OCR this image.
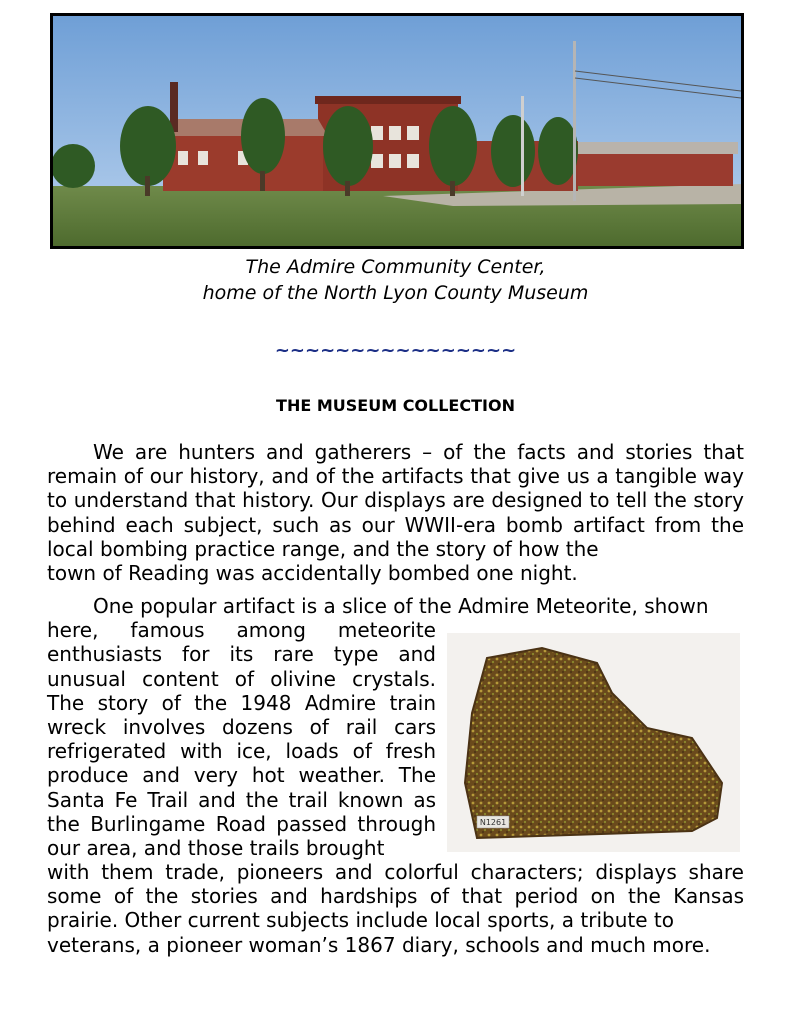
The Admire Community Center,
home of the North Lyon County Museum
~~~~~~~~~~~~~~~~
THE MUSEUM COLLECTION
We are hunters and gatherers – of the facts and stories that remain of our history, and of the artifacts that give us a tangible way to understand that history. Our displays are designed to tell the story behind each subject, such as our WWII-era bomb artifact from the local bombing practice range, and the story of how the
town of Reading was accidentally bombed one night.
One popular artifact is a slice of the Admire Meteorite, shown
here, famous among meteorite enthusiasts for its rare type and unusual content of olivine crystals. The story of the 1948 Admire train wreck involves dozens of rail cars refrigerated with ice, loads of fresh produce and very hot weather. The Santa Fe Trail and the trail known as the Burlingame Road passed through our area, and those trails brought
with them trade, pioneers and colorful characters; displays share some of the stories and hardships of that period on the Kansas prairie. Other current subjects include local sports, a tribute to
veterans, a pioneer woman’s 1867 diary, schools and much more.
N1261
